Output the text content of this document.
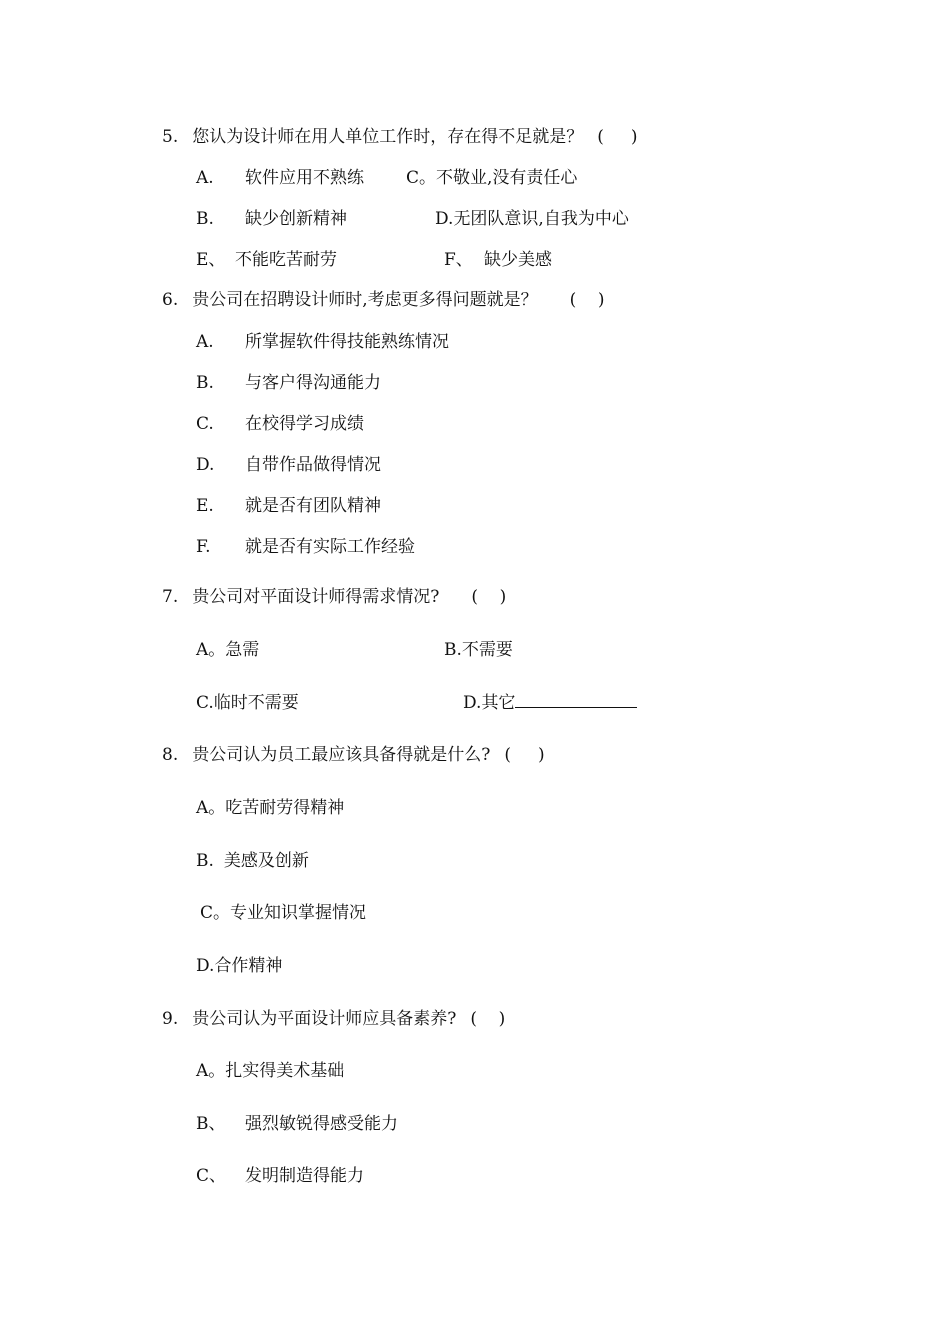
5. 您认为设计师在用人单位工作时，存在得不足就是？ (     )
A. 软件应用不熟练 C。不敬业,没有责任心
B. 缺少创新精神	D.无团队意识,自我为中心
E、 不能吃苦耐劳	F、 缺少美感
6. 贵公司在招聘设计师时,考虑更多得问题就是？ (    )
A. 所掌握软件得技能熟练情况
B. 与客户得沟通能力
C. 在校得学习成绩
D. 自带作品做得情况
E. 就是否有团队精神
F. 就是否有实际工作经验
7. 贵公司对平面设计师得需求情况? (    )
A。急需	B.不需要
C.临时不需要	D.其它
8. 贵公司认为员工最应该具备得就是什么? (     )
A。吃苦耐劳得精神
B. 美感及创新
C。专业知识掌握情况
D.合作精神
9. 贵公司认为平面设计师应具备素养? (    )
A。扎实得美术基础
B、 强烈敏锐得感受能力
C、 发明制造得能力
